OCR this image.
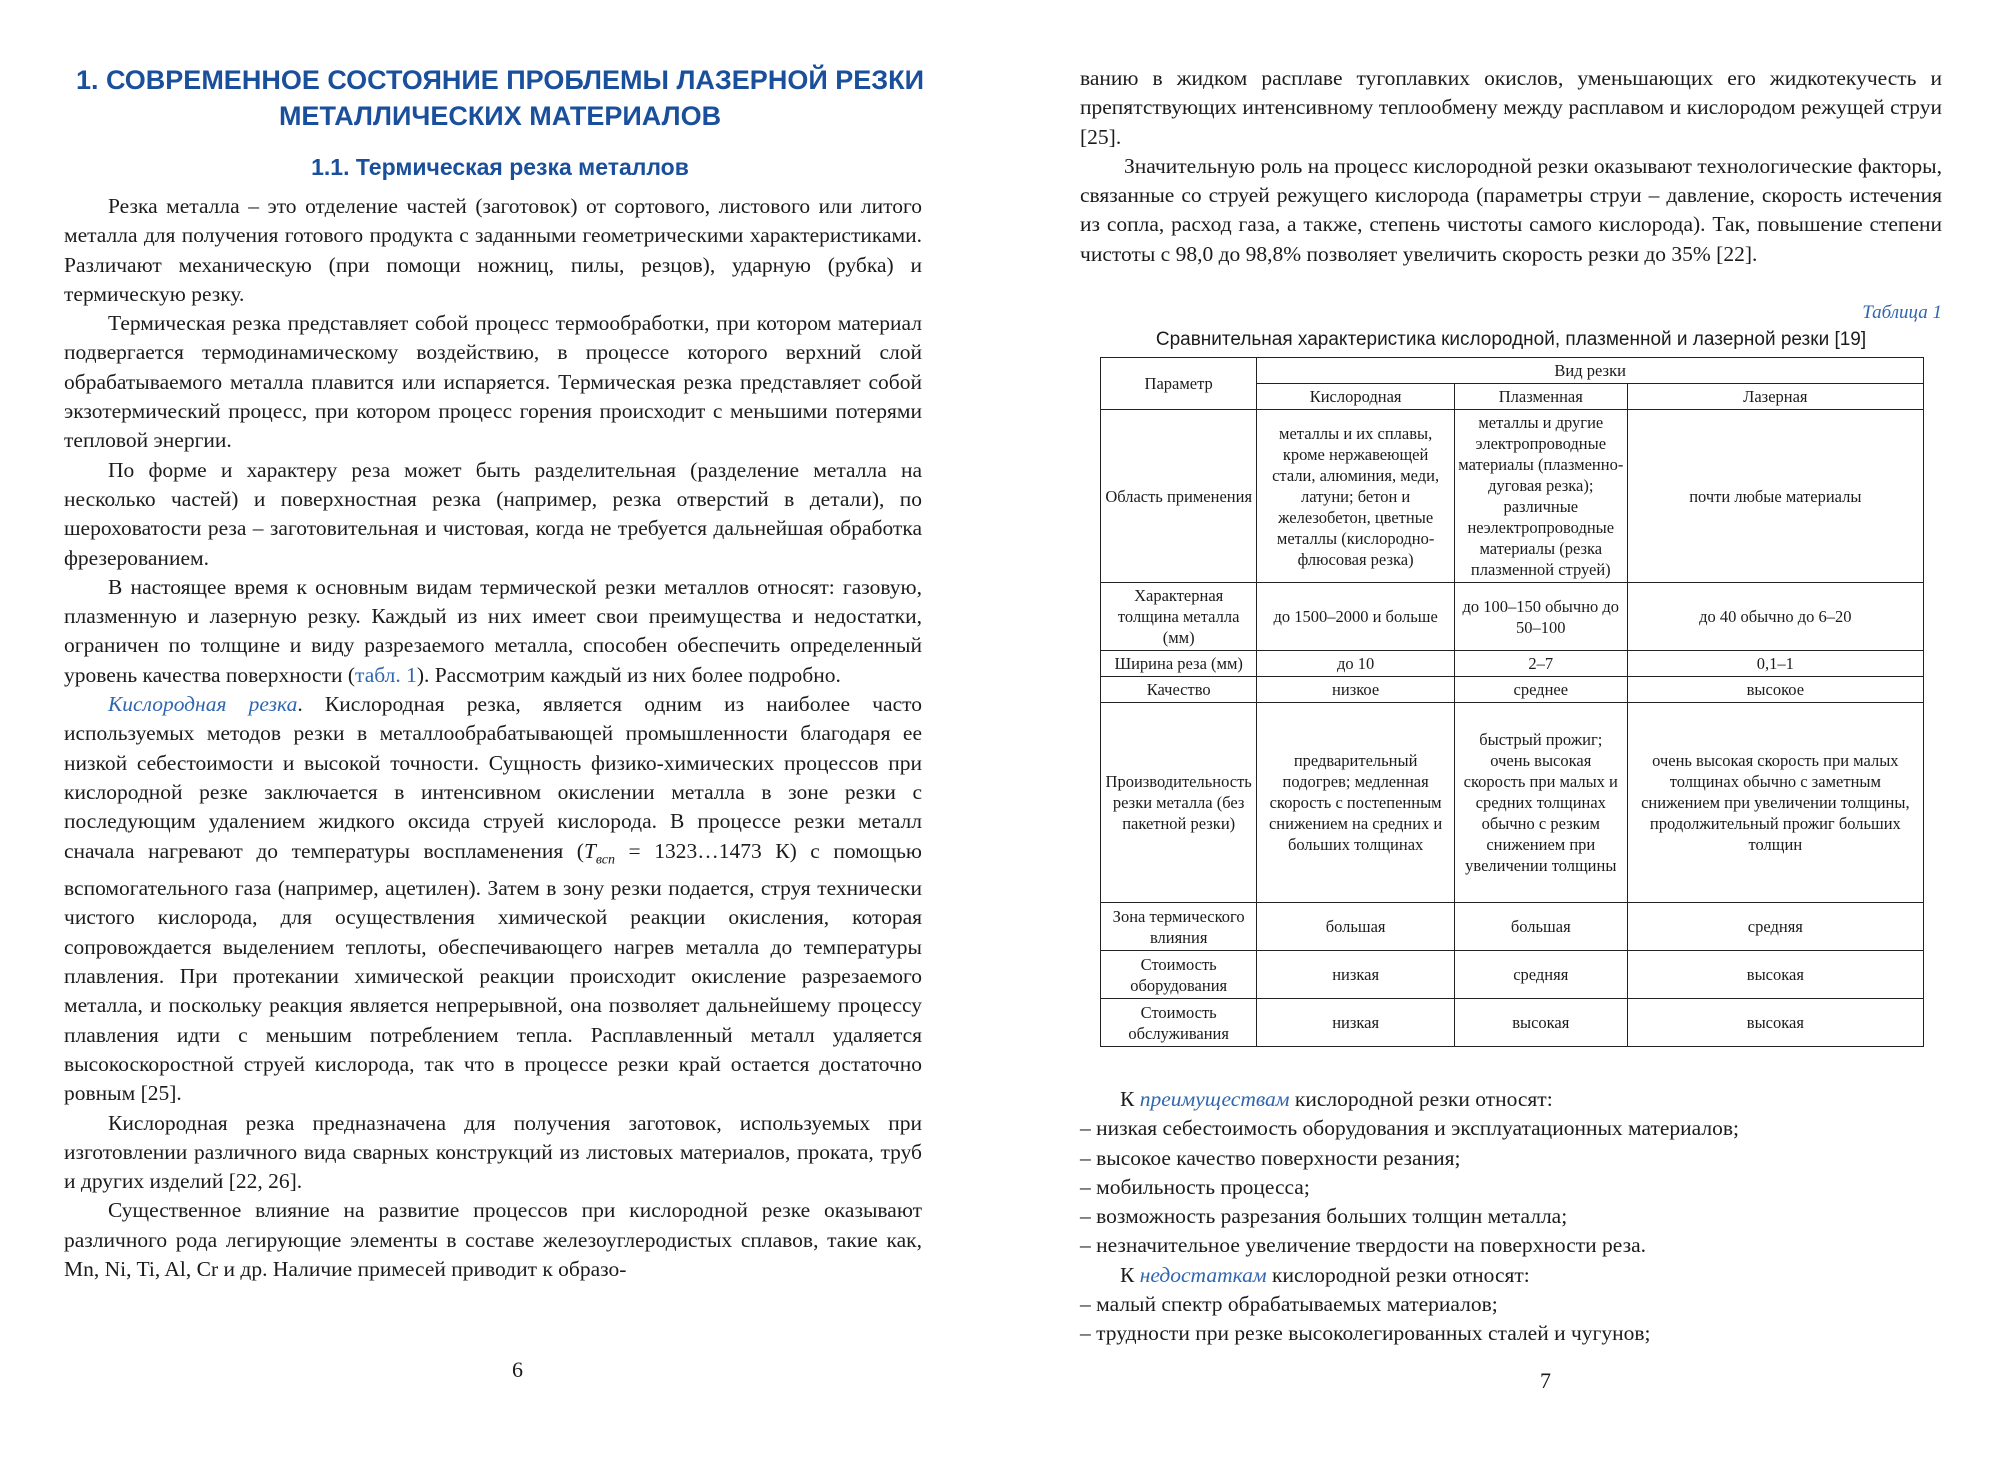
1. СОВРЕМЕННОЕ СОСТОЯНИЕ ПРОБЛЕМЫ ЛАЗЕРНОЙ РЕЗКИ МЕТАЛЛИЧЕСКИХ МАТЕРИАЛОВ
1.1. Термическая резка металлов

Резка металла – это отделение частей (заготовок) от сортового, листового или литого металла для получения готового продукта с заданными геометрическими характеристиками. Различают механическую (при помощи ножниц, пилы, резцов), ударную (рубка) и термическую резку.

Термическая резка представляет собой процесс термообработки, при котором материал подвергается термодинамическому воздействию, в процессе которого верхний слой обрабатываемого металла плавится или испаряется. Термическая резка представляет собой экзотермический процесс, при котором процесс горения происходит с меньшими потерями тепловой энергии.

По форме и характеру реза может быть разделительная (разделение металла на несколько частей) и поверхностная резка (например, резка отверстий в детали), по шероховатости реза – заготовительная и чистовая, когда не требуется дальнейшая обработка фрезерованием.

В настоящее время к основным видам термической резки металлов относят: газовую, плазменную и лазерную резку. Каждый из них имеет свои преимущества и недостатки, ограничен по толщине и виду разрезаемого металла, способен обеспечить определенный уровень качества поверхности (табл. 1). Рассмотрим каждый из них более подробно.

Кислородная резка. Кислородная резка, является одним из наиболее часто используемых методов резки в металлообрабатывающей промышленности благодаря ее низкой себестоимости и высокой точности. Сущность физико-химических процессов при кислородной резке заключается в интенсивном окислении металла в зоне резки с последующим удалением жидкого оксида струей кислорода. В процессе резки металл сначала нагревают до температуры воспламенения ($T_{всп}$ = 1323…1473 К) с помощью вспомогательного газа (например, ацетилен). Затем в зону резки подается, струя технически чистого кислорода, для осуществления химической реакции окисления, которая сопровождается выделением теплоты, обеспечивающего нагрев металла до температуры плавления. При протекании химической реакции происходит окисление разрезаемого металла, и поскольку реакция является непрерывной, она позволяет дальнейшему процессу плавления идти с меньшим потреблением тепла. Расплавленный металл удаляется высокоскоростной струей кислорода, так что в процессе резки край остается достаточно ровным [25].

Кислородная резка предназначена для получения заготовок, используемых при изготовлении различного вида сварных конструкций из листовых материалов, проката, труб и других изделий [22, 26].

Существенное влияние на развитие процессов при кислородной резке оказывают различного рода легирующие элементы в составе железоуглеродистых сплавов, такие как, Mn, Ni, Ti, Al, Cr и др. Наличие примесей приводит к образо-

6

ванию в жидком расплаве тугоплавких окислов, уменьшающих его жидкотекучесть и препятствующих интенсивному теплообмену между расплавом и кислородом режущей струи [25].

Значительную роль на процесс кислородной резки оказывают технологические факторы, связанные со струей режущего кислорода (параметры струи – давление, скорость истечения из сопла, расход газа, а также, степень чистоты самого кислорода). Так, повышение степени чистоты с 98,0 до 98,8% позволяет увеличить скорость резки до 35% [22].

Таблица 1
Сравнительная характеристика кислородной, плазменной и лазерной резки [19]
Параметр	Вид резки		
	Кислородная	Плазменная	Лазерная
Область применения	металлы и их сплавы, кроме нержавеющей стали, алюминия, меди, латуни; бетон и железобетон, цветные металлы (кислородно-флюсовая резка)	металлы и другие электропроводные материалы (плазменно-дуговая резка); различные неэлектропроводные материалы (резка плазменной струей)	почти любые материалы
Характерная толщина металла (мм)	до 1500–2000 и больше	до 100–150 обычно до 50–100	до 40 обычно до 6–20
Ширина реза (мм)	до 10	2–7	0,1–1
Качество	низкое	среднее	высокое
Производительность резки металла (без пакетной резки)	предварительный подогрев; медленная скорость с постепенным снижением на средних и больших толщинах	быстрый прожиг; очень высокая скорость при малых и средних толщинах обычно с резким снижением при увеличении толщины	очень высокая скорость при малых толщинах обычно с заметным снижением при увеличении толщины, продолжительный прожиг больших толщин
Зона термического влияния	большая	большая	средняя
Стоимость оборудования	низкая	средняя	высокая
Стоимость обслуживания	низкая	высокая	высокая
К преимуществам кислородной резки относят:
– низкая себестоимость оборудования и эксплуатационных материалов;
– высокое качество поверхности резания;
– мобильность процесса;
– возможность разрезания больших толщин металла;
– незначительное увеличение твердости на поверхности реза.
К недостаткам кислородной резки относят:
– малый спектр обрабатываемых материалов;
– трудности при резке высоколегированных сталей и чугунов;
7
